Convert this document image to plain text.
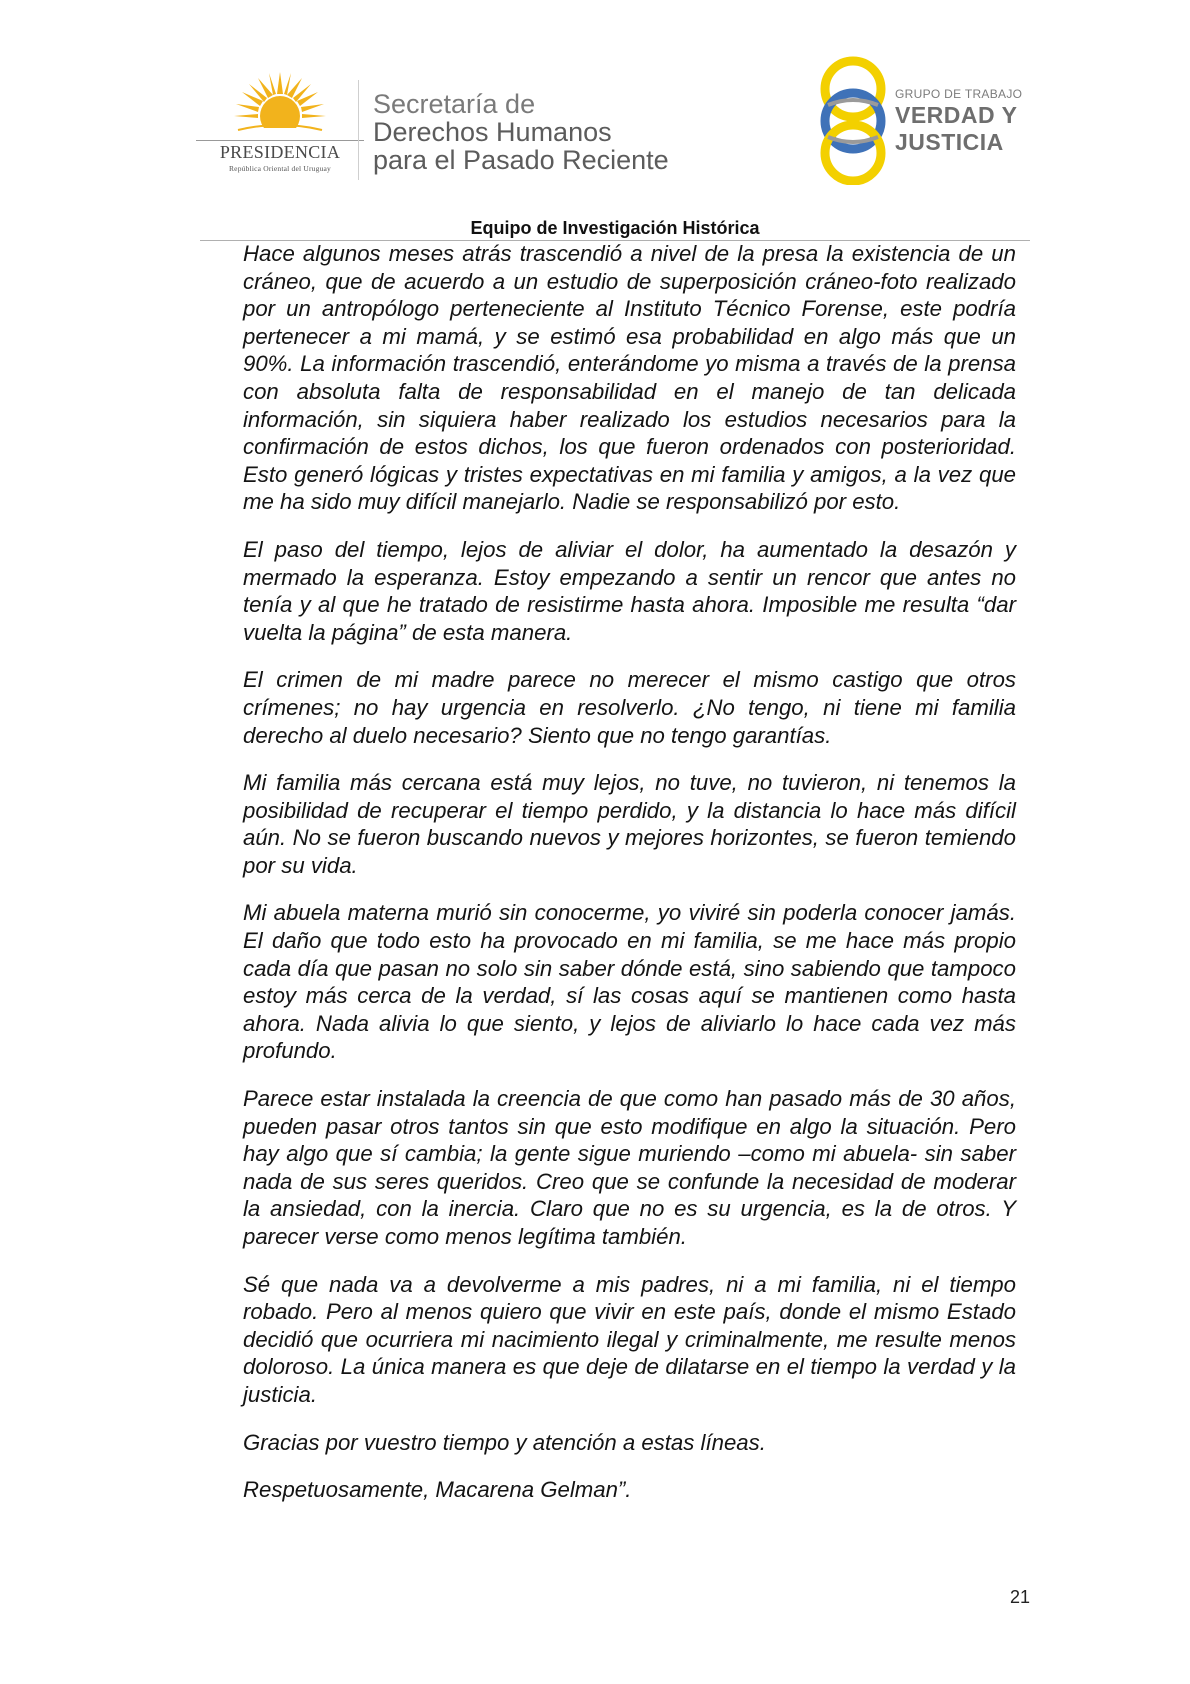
PRESIDENCIA
República Oriental del Uruguay
Secretaría de
Derechos Humanos
para el Pasado Reciente
GRUPO DE TRABAJO
VERDAD Y
JUSTICIA
Equipo de Investigación Histórica

Hace algunos meses atrás trascendió a nivel de la presa la existencia de un cráneo, que de acuerdo a un estudio de superposición cráneo-foto realizado por un antropólogo perteneciente al Instituto Técnico Forense, este podría pertenecer a mi mamá, y se estimó esa probabilidad en algo más que un 90%. La información trascendió, enterándome yo misma a través de la prensa con absoluta falta de responsabilidad en el manejo de tan delicada información, sin siquiera haber realizado los estudios necesarios para la confirmación de estos dichos, los que fueron ordenados con posterioridad. Esto generó lógicas y tristes expectativas en mi familia y amigos, a la vez que me ha sido muy difícil manejarlo. Nadie se responsabilizó por esto.

El paso del tiempo, lejos de aliviar el dolor, ha aumentado la desazón y mermado la esperanza. Estoy empezando a sentir un rencor que antes no tenía y al que he tratado de resistirme hasta ahora. Imposible me resulta “dar vuelta la página” de esta manera.

El crimen de mi madre parece no merecer el mismo castigo que otros crímenes; no hay urgencia en resolverlo. ¿No tengo, ni tiene mi familia derecho al duelo necesario? Siento que no tengo garantías.

Mi familia más cercana está muy lejos, no tuve, no tuvieron, ni tenemos la posibilidad de recuperar el tiempo perdido, y la distancia lo hace más difícil aún. No se fueron buscando nuevos y mejores horizontes, se fueron temiendo por su vida.

Mi abuela materna murió sin conocerme, yo viviré sin poderla conocer jamás. El daño que todo esto ha provocado en mi familia, se me hace más propio cada día que pasan no solo sin saber dónde está, sino sabiendo que tampoco estoy más cerca de la verdad, sí las cosas aquí se mantienen como hasta ahora. Nada alivia lo que siento, y lejos de aliviarlo lo hace cada vez más profundo.

Parece estar instalada la creencia de que como han pasado más de 30 años, pueden pasar otros tantos sin que esto modifique en algo la situación. Pero hay algo que sí cambia; la gente sigue muriendo –como mi abuela- sin saber nada de sus seres queridos. Creo que se confunde la necesidad de moderar la ansiedad, con la inercia. Claro que no es su urgencia, es la de otros. Y parecer verse como menos legítima también.

Sé que nada va a devolverme a mis padres, ni a mi familia, ni el tiempo robado. Pero al menos quiero que vivir en este país, donde el mismo Estado decidió que ocurriera mi nacimiento ilegal y criminalmente, me resulte menos doloroso. La única manera es que deje de dilatarse en el tiempo la verdad y la justicia.

Gracias por vuestro tiempo y atención a estas líneas.

Respetuosamente, Macarena Gelman”.

21
